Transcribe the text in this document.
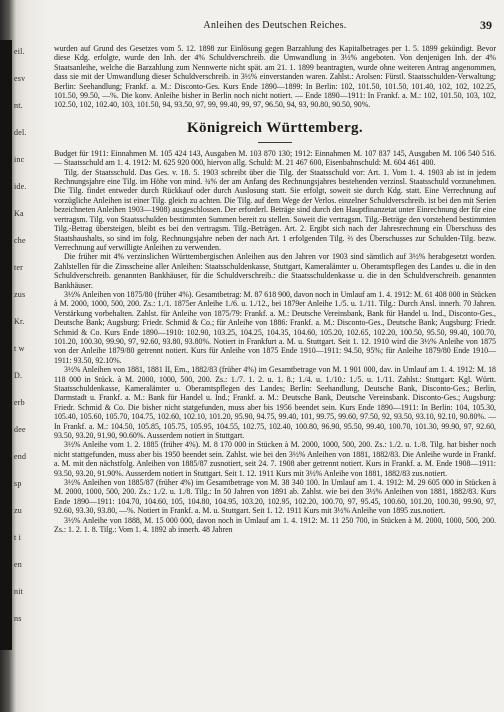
eil.
esv
nt.
del.
inc
ide.
Ka
che
ter
zus
Kr.
t w
D.
erb
dee
end
sp
zu
t i
en
nit
ns
Anleihen des Deutschen Reiches.	39

wurden auf Grund des Gesetzes vom 5. 12. 1898 zur Einlösung gegen Barzahlung des Kapitalbetrages per 1. 5. 1899 gekündigt. Bevor diese Kdg. erfolgte, wurde den Inh. der 4% Schuldverschreib. die Umwandlung in 3½% angeboten. Von denjenigen Inh. der 4% Staatsanleihe, welche die Barzahlung zum Nennwerte nicht spät. am 21. 1. 1899 beantragten, wurde ohne weiteren Antrag angenommen, dass sie mit der Umwandlung dieser Schuldverschreib. in 3½% einverstanden waren. Zahlst.: Arolsen: Fürstl. Staatsschulden-Verwaltung; Berlin: Seehandlung; Frankf. a. M.: Disconto-Ges. Kurs Ende 1890—1899: In Berlin: 102, 101.50, 101.50, 101.40, 102, 102, 102.25, 101.50, 99.50, —%. Die konv. Anleihe bisher in Berlin noch nicht notiert. — Ende 1890—1911: In Frankf. a. M.: 102, 101.50, 103, 102, 102.50, 102, 102.40, 103, 101.50, 94, 93.50, 97, 99, 99.40, 99, 97, 96.50, 94, 93, 90.80, 90.50, 90%.

Königreich Württemberg.

Budget für 1911: Einnahmen M. 105 424 143, Ausgaben M. 103 870 130; 1912: Einnahmen M. 107 837 145, Ausgaben M. 106 540 516. — Staatsschuld am 1. 4. 1912: M. 625 920 000, hiervon allg. Schuld: M. 21 467 600, Eisenbahnschuld: M. 604 461 400.

Tilg. der Staatsschuld. Das Ges. v. 18. 5. 1903 schreibt über die Tilg. der Staatsschuld vor: Art. 1. Vom 1. 4. 1903 ab ist in jedem Rechnungsjahre eine Tilg. im Höhe von mind. ¾% der am Anfang des Rechnungsjahres bestehenden verzinsl. Staatsschuld vorzunehmen. Die Tilg. findet entweder durch Rückkauf oder durch Auslosung statt. Sie erfolgt, soweit sie durch Kdg. statt. Eine Verrechnung auf vorzügliche Anleihen ist einer Tilg. gleich zu achten. Die Tilg. auf dem Wege der Verlos. einzelner Schuldverschreib. ist bei den mit Serien bezeichneten Anleihen 1903—1908) ausgeschlossen. Der erforderl. Beträge sind durch den Hauptfinanzetat unter Einrechnung der für eine vertragsm. Tilg. von Staatsschulden bestimmten Summen bereit zu stellen. Soweit die vertragsm. Tilg.-Beträge den vorstehend bestimmten Tilg.-Betrag übersteigen, bleibt es bei den vertragsm. Tilg.-Beträgen. Art. 2. Ergibt sich nach der Jahresrechnung ein Überschuss des Staatshaushalts, so sind im folg. Rechnungsjahre neben der nach Art. 1 erfolgenden Tilg. ⅔ des Überschusses zur Schulden-Tilg. bezw. Verrechnung auf verwilligte Anleihen zu verwenden.

Die früher mit 4% verzinslichen Württembergischen Anleihen aus den Jahren vor 1903 sind sämtlich auf 3½% herabgesetzt worden. Zahlstellen für die Zinsscheine aller Anleihen: Staatsschuldenkasse, Stuttgart, Kameralämter u. Oberamtspflegen des Landes u. die in den Schuldverschreib. genannten Bankhäuser, für die Schuldverschreib.: die Staatsschuldenkasse u. die in den Schuldverschreib. genannten Bankhäuser.

3½% Anleihen von 1875/80 (früher 4%). Gesamtbetrag: M. 87 618 900, davon noch in Umlauf am 1. 4. 1912: M. 61 408 000 in Stücken à M. 2000, 1000, 500, 200. Zs.: 1./1. 1875er Anleihe 1./6. u. 1./12., bei 1879er Anleihe 1./5. u. 1./11. Tilg.: Durch Ansl. innerh. 70 Jahren. Verstärkung vorbehalten. Zahlst. für Anleihe von 1875/79: Frankf. a. M.: Deutsche Vereinsbank, Bank für Handel u. Ind., Disconto-Ges., Deutsche Bank; Augsburg: Friedr. Schmid & Co.; für Anleihe von 1886: Frankf. a. M.: Disconto-Ges., Deutsche Bank; Augsburg: Friedr. Schmid & Co. Kurs Ende 1890—1910: 102.90, 103.25, 104.25, 104.35, 104.60, 105.20, 102.65, 102.20, 100.50, 95.50, 99.40, 100.70, 101.20, 100.30, 99.90, 97, 92.60, 93.80, 93.80%. Notiert in Frankfurt a. M. u. Stuttgart. Seit 1. 12. 1910 wird die 3½% Anleihe von 1875 von der Anleihe 1879/80 getrennt notiert. Kurs für Anleihe von 1875 Ende 1910—1911: 94.50, 95%; für Anleihe 1879/80 Ende 1910—1911: 93.50, 92.10%.

3½% Anleihen von 1881, 1881 II, Em., 1882/83 (früher 4%) im Gesamtbetrage von M. 1 901 000, dav. in Umlauf am 1. 4. 1912: M. 18 118 000 in Stück. à M. 2000, 1000, 500, 200. Zs.: 1./7. 1. 2. u. 1. 8.; 1./4. u. 1./10.: 1./5. u. 1./11. Zahlst.: Stuttgart: Kgl. Württ. Staatsschuldenkasse, Kameralämter u. Oberamtspflegen des Landes; Berlin: Seehandlung, Deutsche Bank, Disconto-Ges.; Berlin, Darmstadt u. Frankf. a. M.: Bank für Handel u. Ind.; Frankf. a. M.: Deutsche Bank, Deutsche Vereinsbank. Disconto-Ges.; Augsburg: Friedr. Schmid & Co. Die bisher nicht statgefunden, muss aber bis 1956 beendet sein. Kurs Ende 1890—1911: In Berlin: 104, 105.30, 105.40, 105.60, 105.70, 104.75, 102.60, 102.10, 101.20, 95.90, 94.75, 99.40, 101, 99.75, 99.60, 97.50, 92, 93.50, 93.10, 92.10, 90.80%. — In Frankf. a. M.: 104.50, 105.85, 105.75, 105.95, 104.55, 102.75, 102.40, 100.80, 96.90, 95.50, 99.40, 100.70, 101.30, 99.90, 97, 92.60, 93.50, 93.20, 91.90, 90.60%. Ausserdem notiert in Stuttgart.

3½% Anleihe vom 1. 2. 1885 (früher 4%). M. 8 170 000 in Stücken à M. 2000, 1000, 500, 200. Zs.: 1./2. u. 1./8. Tilg. hat bisher noch nicht stattgefunden, muss aber bis 1950 beendet sein. Zahlst. wie bei den 3½% Anleihen von 1881, 1882/83. Die Anleihe wurde in Frankf. a. M. mit den nächstfolg. Anleihen von 1885/87 zusnotiert, seit 24. 7. 1908 aber getrennt notiert. Kurs in Frankf. a. M. Ende 1908—1911: 93.50, 93.20, 91.90%. Ausserdem notiert in Stuttgart. Seit 1. 12. 1911 Kurs mit 3½% Anleihe von 1881, 1882/83 zus.notiert.

3½% Anleihen von 1885/87 (früher 4%) im Gesamtbetrage von M. 38 340 100. In Umlauf am 1. 4. 1912: M. 29 605 000 in Stücken à M. 2000, 1000, 500, 200. Zs.: 1./2. u. 1./8. Tilg.: In 50 Jahren von 1891 ab. Zahlst. wie bei den 3½% Anleihen von 1881, 1882/83. Kurs Ende 1890—1911: 104.70, 104.60, 105, 104.80, 104.95, 103.20, 102.95, 102.20, 100.70, 97, 95.45, 100.60, 101.20, 100.30, 99.90, 97, 92.60, 93.30, 93.80, —%. Notiert in Frankf. a. M. u. Stuttgart. Seit 1. 12. 1911 Kurs mit 3½% Anleihe von 1895 zus.notiert.

3½% Anleihe von 1888, M. 15 000 000, davon noch in Umlauf am 1. 4. 1912: M. 11 250 700, in Stücken à M. 2000, 1000, 500, 200. Zs.: 1. 2. 1. 8. Tilg.: Vom 1. 4. 1892 ab innerh. 48 Jahren
